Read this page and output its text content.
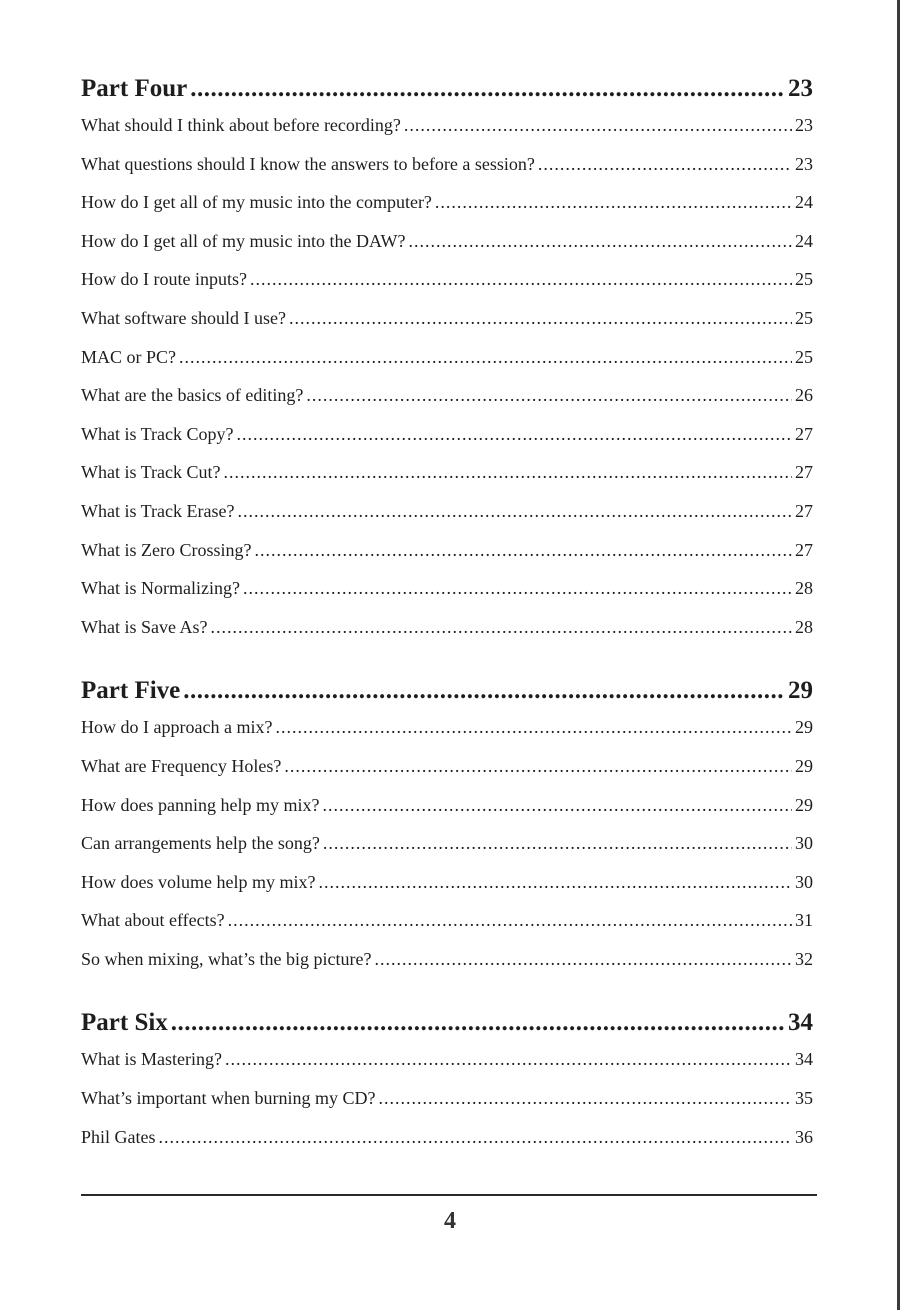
Part Four .....	23
What should I think about before recording? .....	23
What questions should I know the answers to before a session? .....	23
How do I get all of my music into the computer? .....	24
How do I get all of my music into the DAW? .....	24
How do I route inputs? .....	25
What software should I use? .....	25
MAC or PC? .....	25
What are the basics of editing? .....	26
What is Track Copy? .....	27
What is Track Cut? .....	27
What is Track Erase? .....	27
What is Zero Crossing? .....	27
What is Normalizing? .....	28
What is Save As? .....	28
Part Five .....	29
How do I approach a mix? .....	29
What are Frequency Holes? .....	29
How does panning help my mix? .....	29
Can arrangements help the song? .....	30
How does volume help my mix? .....	30
What about effects? .....	31
So when mixing, what’s the big picture? .....	32
Part Six .....	34
What is Mastering? .....	34
What’s important when burning my CD? .....	35
Phil Gates .....	36
4
